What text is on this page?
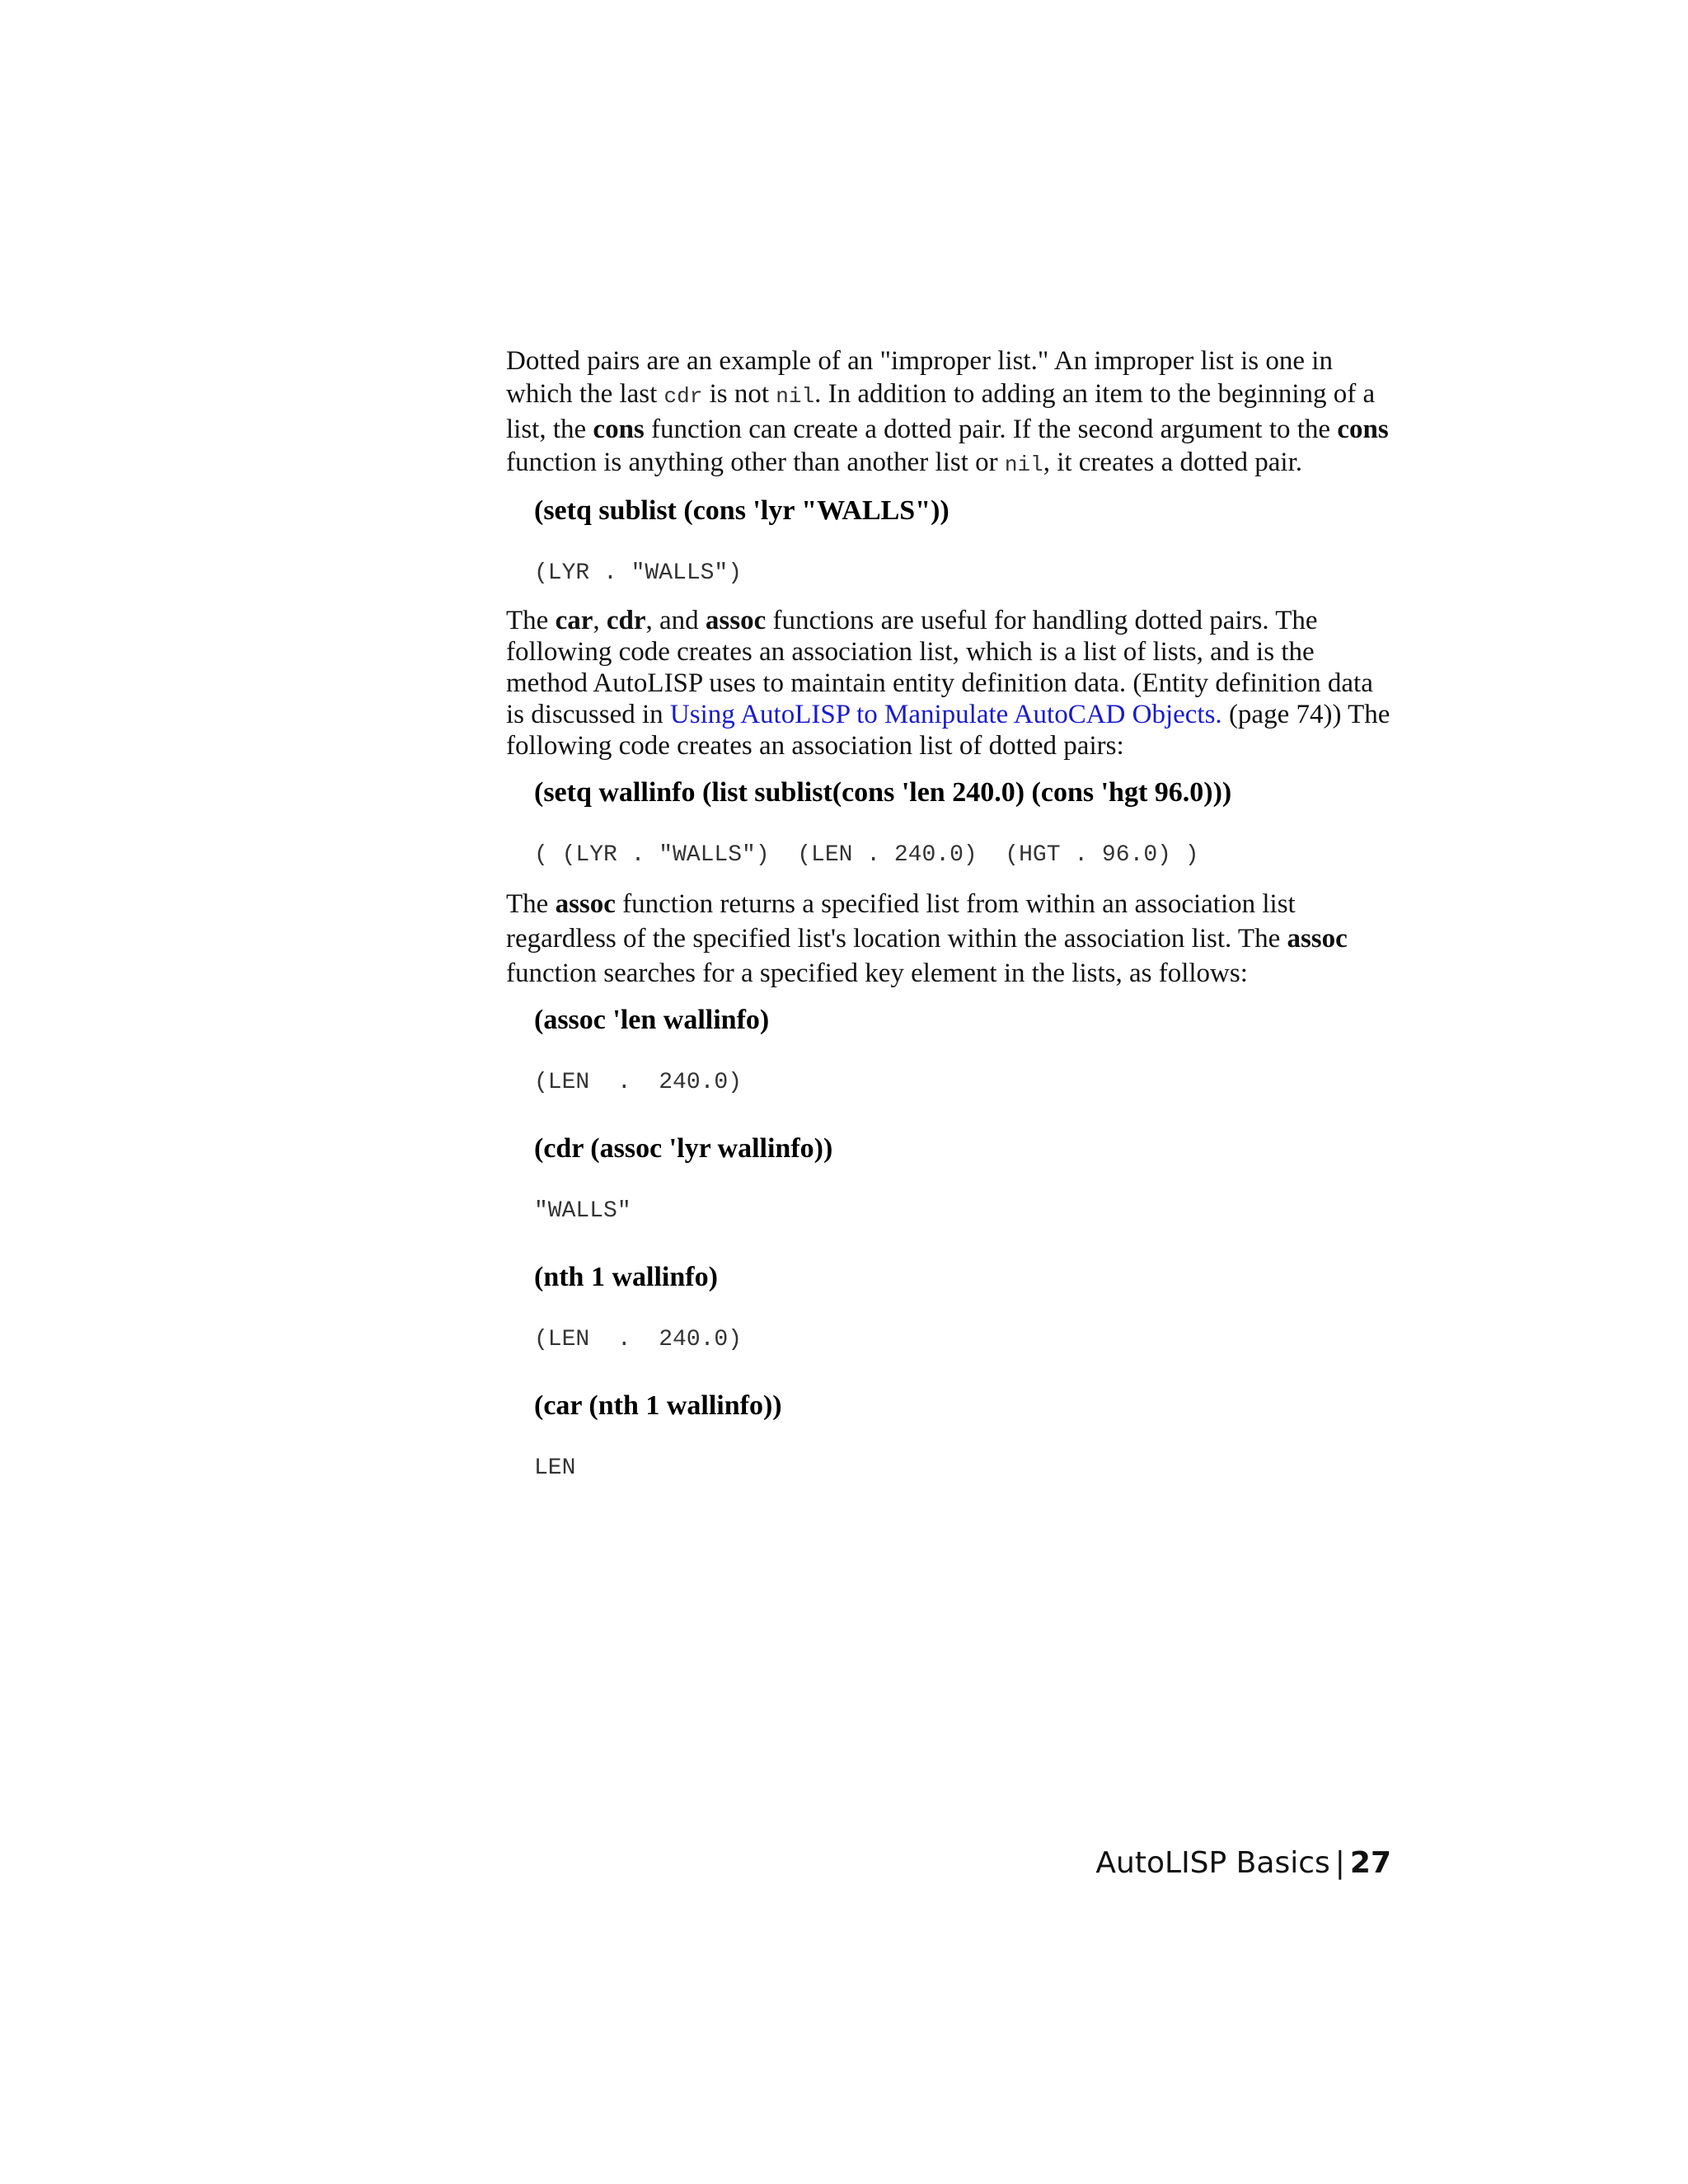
Dotted pairs are an example of an "improper list." An improper list is one in which the last cdr is not nil. In addition to adding an item to the beginning of a list, the cons function can create a dotted pair. If the second argument to the cons function is anything other than another list or nil, it creates a dotted pair.

(setq sublist (cons 'lyr "WALLS"))

(LYR . "WALLS")

The car, cdr, and assoc functions are useful for handling dotted pairs. The following code creates an association list, which is a list of lists, and is the method AutoLISP uses to maintain entity definition data. (Entity definition data is discussed in Using AutoLISP to Manipulate AutoCAD Objects. (page 74)) The following code creates an association list of dotted pairs:

(setq wallinfo (list sublist(cons 'len 240.0) (cons 'hgt 96.0)))

( (LYR . "WALLS")  (LEN . 240.0)  (HGT . 96.0) )

The assoc function returns a specified list from within an association list regardless of the specified list's location within the association list. The assoc function searches for a specified key element in the lists, as follows:

(assoc 'len wallinfo)

(LEN  .  240.0)

(cdr (assoc 'lyr wallinfo))

"WALLS"

(nth 1 wallinfo)

(LEN  .  240.0)

(car (nth 1 wallinfo))

LEN

AutoLISP Basics | 27
